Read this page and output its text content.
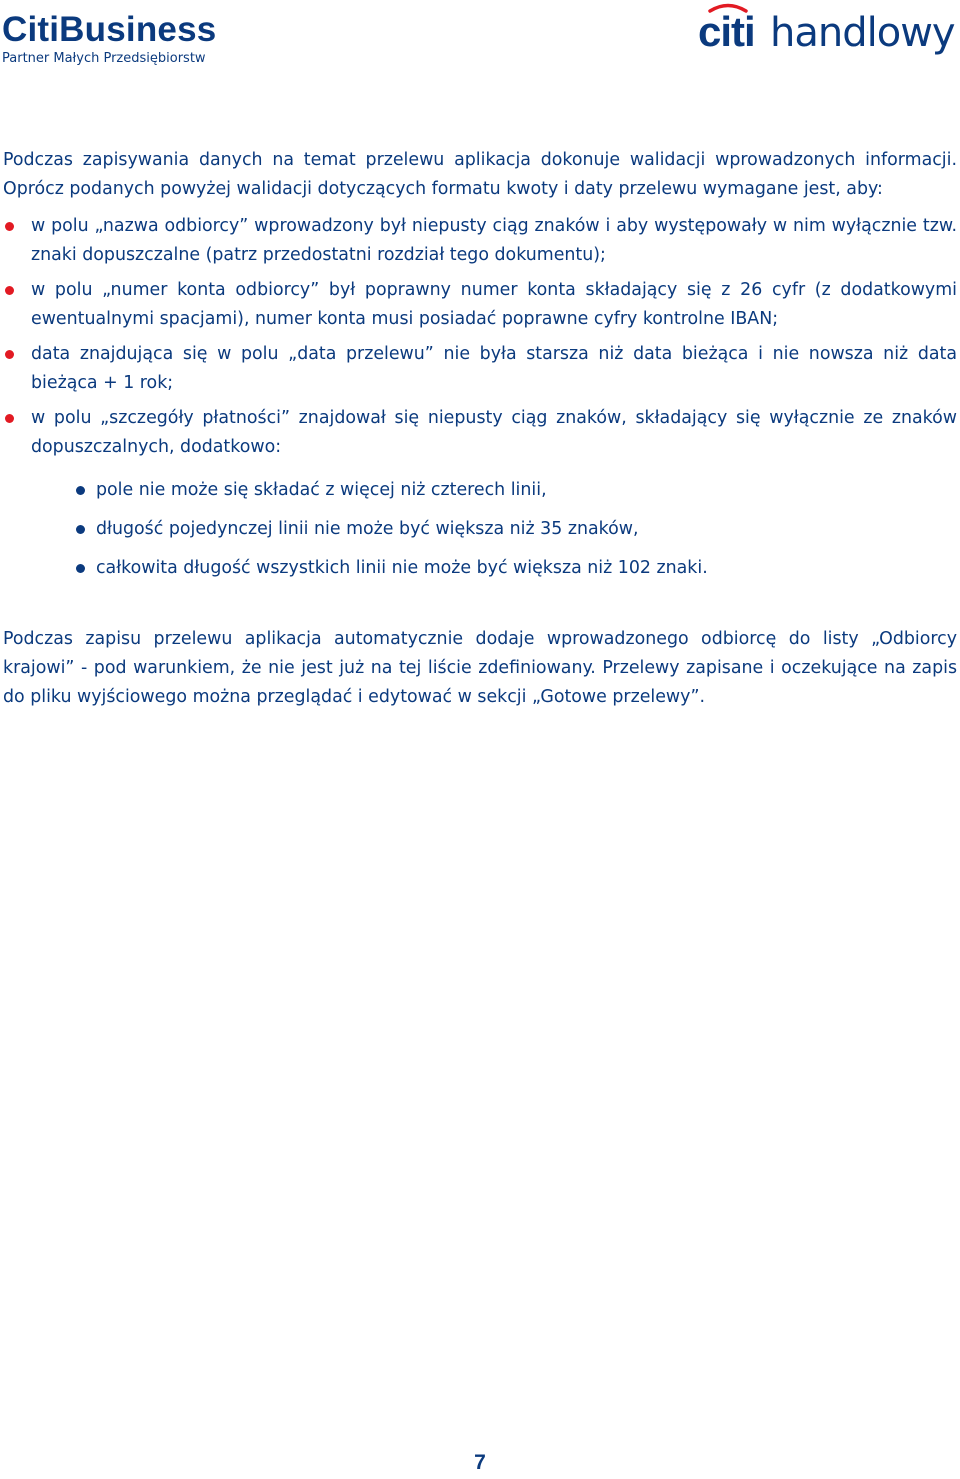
CitiBusiness
Partner Małych Przedsiębiorstw
citi handlowy

Podczas zapisywania danych na temat przelewu aplikacja dokonuje walidacji wprowadzonych informacji. Oprócz podanych powyżej walidacji dotyczących formatu kwoty i daty przelewu wymagane jest, aby:

w polu „nazwa odbiorcy” wprowadzony był niepusty ciąg znaków i aby występowały w nim wyłącznie tzw. znaki dopuszczalne (patrz przedostatni rozdział tego dokumentu);
w polu „numer konta odbiorcy” był poprawny numer konta składający się z 26 cyfr (z dodatkowymi ewentualnymi spacjami), numer konta musi posiadać poprawne cyfry kontrolne IBAN;
data znajdująca się w polu „data przelewu” nie była starsza niż data bieżąca i nie nowsza niż data bieżąca + 1 rok;
w polu „szczegóły płatności” znajdował się niepusty ciąg znaków, składający się wyłącznie ze znaków dopuszczalnych, dodatkowo:
pole nie może się składać z więcej niż czterech linii,
długość pojedynczej linii nie może być większa niż 35 znaków,
całkowita długość wszystkich linii nie może być większa niż 102 znaki.

Podczas zapisu przelewu aplikacja automatycznie dodaje wprowadzonego odbiorcę do listy „Odbiorcy krajowi” - pod warunkiem, że nie jest już na tej liście zdefiniowany. Przelewy zapisane i oczekujące na zapis do pliku wyjściowego można przeglądać i edytować w sekcji „Gotowe przelewy”.

7
